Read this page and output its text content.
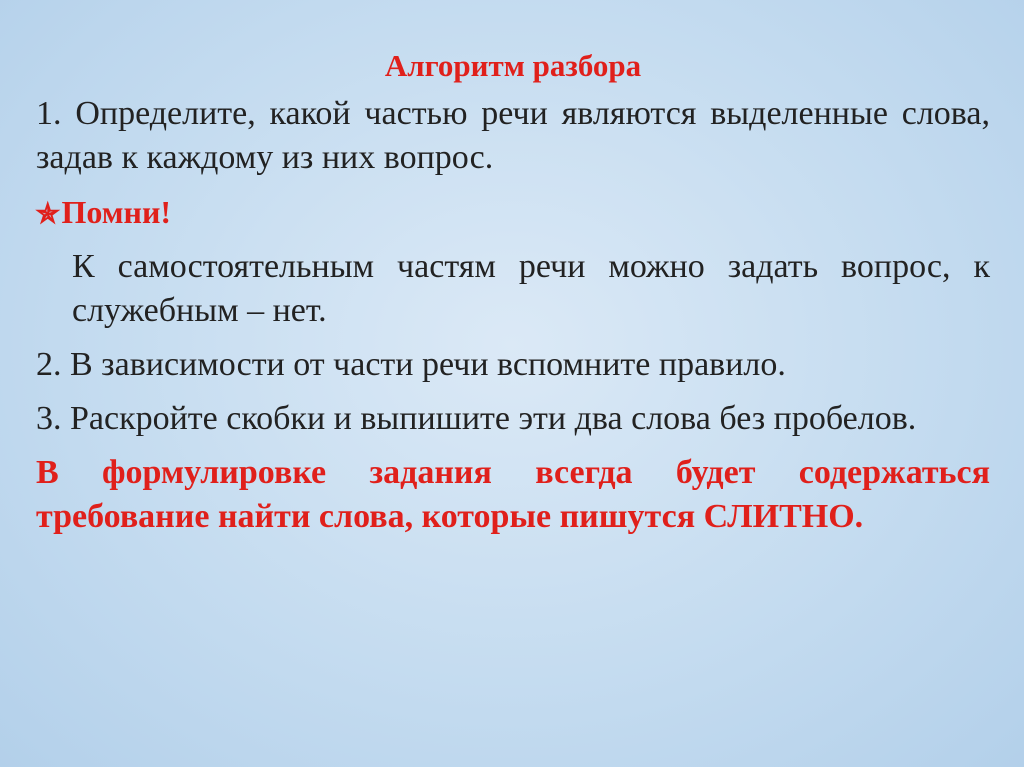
Алгоритм разбора
1. Определите, какой частью речи являются выделенные слова, задав к каждому из них вопрос.
✯Помни!
К самостоятельным частям речи можно задать вопрос, к служебным – нет.
2. В зависимости от части речи вспомните правило.
3. Раскройте скобки и выпишите эти два слова без пробелов.
В формулировке задания всегда будет содержаться требование найти слова, которые пишутся СЛИТНО.
